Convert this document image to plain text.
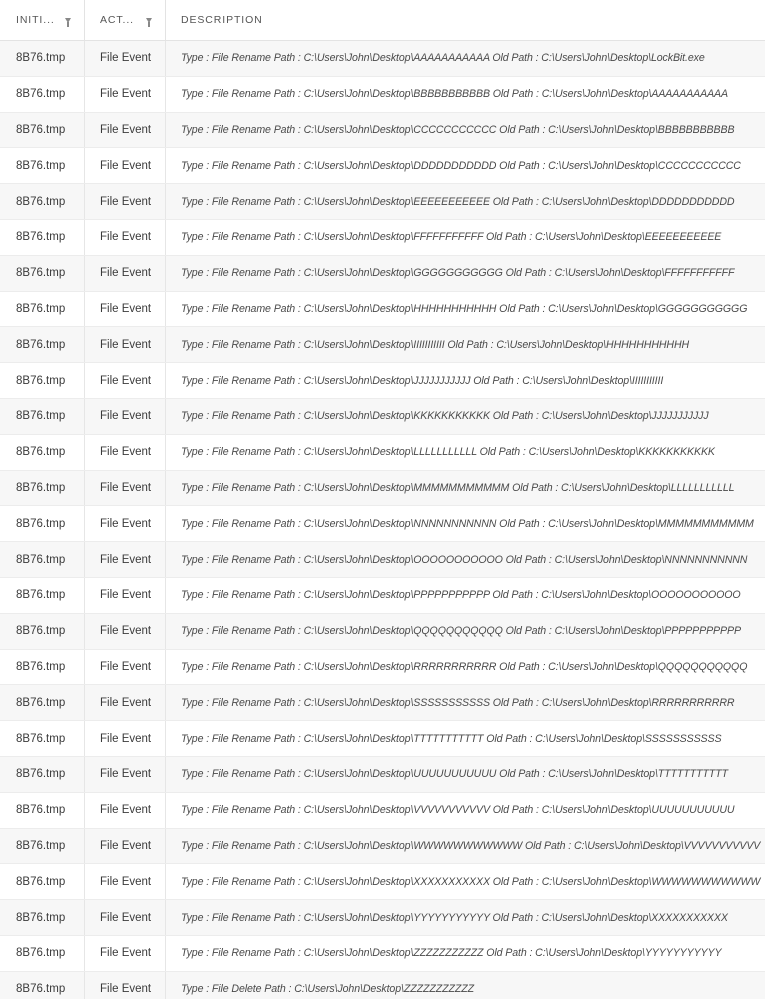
INITI...	ACT...	DESCRIPTION
8B76.tmp	File Event	Type : File Rename Path : C:\Users\John\Desktop\AAAAAAAAAAA Old Path : C:\Users\John\Desktop\LockBit.exe
8B76.tmp	File Event	Type : File Rename Path : C:\Users\John\Desktop\BBBBBBBBBBB Old Path : C:\Users\John\Desktop\AAAAAAAAAAA
8B76.tmp	File Event	Type : File Rename Path : C:\Users\John\Desktop\CCCCCCCCCCC Old Path : C:\Users\John\Desktop\BBBBBBBBBBB
8B76.tmp	File Event	Type : File Rename Path : C:\Users\John\Desktop\DDDDDDDDDDD Old Path : C:\Users\John\Desktop\CCCCCCCCCCC
8B76.tmp	File Event	Type : File Rename Path : C:\Users\John\Desktop\EEEEEEEEEEE Old Path : C:\Users\John\Desktop\DDDDDDDDDDD
8B76.tmp	File Event	Type : File Rename Path : C:\Users\John\Desktop\FFFFFFFFFFF Old Path : C:\Users\John\Desktop\EEEEEEEEEEE
8B76.tmp	File Event	Type : File Rename Path : C:\Users\John\Desktop\GGGGGGGGGGG Old Path : C:\Users\John\Desktop\FFFFFFFFFFF
8B76.tmp	File Event	Type : File Rename Path : C:\Users\John\Desktop\HHHHHHHHHHH Old Path : C:\Users\John\Desktop\GGGGGGGGGGG
8B76.tmp	File Event	Type : File Rename Path : C:\Users\John\Desktop\IIIIIIIIIII Old Path : C:\Users\John\Desktop\HHHHHHHHHHH
8B76.tmp	File Event	Type : File Rename Path : C:\Users\John\Desktop\JJJJJJJJJJJ Old Path : C:\Users\John\Desktop\IIIIIIIIIII
8B76.tmp	File Event	Type : File Rename Path : C:\Users\John\Desktop\KKKKKKKKKKK Old Path : C:\Users\John\Desktop\JJJJJJJJJJJ
8B76.tmp	File Event	Type : File Rename Path : C:\Users\John\Desktop\LLLLLLLLLLL Old Path : C:\Users\John\Desktop\KKKKKKKKKKK
8B76.tmp	File Event	Type : File Rename Path : C:\Users\John\Desktop\MMMMMMMMMMM Old Path : C:\Users\John\Desktop\LLLLLLLLLLL
8B76.tmp	File Event	Type : File Rename Path : C:\Users\John\Desktop\NNNNNNNNNNN Old Path : C:\Users\John\Desktop\MMMMMMMMMMM
8B76.tmp	File Event	Type : File Rename Path : C:\Users\John\Desktop\OOOOOOOOOOO Old Path : C:\Users\John\Desktop\NNNNNNNNNNN
8B76.tmp	File Event	Type : File Rename Path : C:\Users\John\Desktop\PPPPPPPPPPP Old Path : C:\Users\John\Desktop\OOOOOOOOOOO
8B76.tmp	File Event	Type : File Rename Path : C:\Users\John\Desktop\QQQQQQQQQQQ Old Path : C:\Users\John\Desktop\PPPPPPPPPPP
8B76.tmp	File Event	Type : File Rename Path : C:\Users\John\Desktop\RRRRRRRRRRR Old Path : C:\Users\John\Desktop\QQQQQQQQQQQ
8B76.tmp	File Event	Type : File Rename Path : C:\Users\John\Desktop\SSSSSSSSSSS Old Path : C:\Users\John\Desktop\RRRRRRRRRRR
8B76.tmp	File Event	Type : File Rename Path : C:\Users\John\Desktop\TTTTTTTTTTT Old Path : C:\Users\John\Desktop\SSSSSSSSSSS
8B76.tmp	File Event	Type : File Rename Path : C:\Users\John\Desktop\UUUUUUUUUUU Old Path : C:\Users\John\Desktop\TTTTTTTTTTT
8B76.tmp	File Event	Type : File Rename Path : C:\Users\John\Desktop\VVVVVVVVVVV Old Path : C:\Users\John\Desktop\UUUUUUUUUUU
8B76.tmp	File Event	Type : File Rename Path : C:\Users\John\Desktop\WWWWWWWWWWW Old Path : C:\Users\John\Desktop\VVVVVVVVVVV
8B76.tmp	File Event	Type : File Rename Path : C:\Users\John\Desktop\XXXXXXXXXXX Old Path : C:\Users\John\Desktop\WWWWWWWWWWW
8B76.tmp	File Event	Type : File Rename Path : C:\Users\John\Desktop\YYYYYYYYYYY Old Path : C:\Users\John\Desktop\XXXXXXXXXXX
8B76.tmp	File Event	Type : File Rename Path : C:\Users\John\Desktop\ZZZZZZZZZZZ Old Path : C:\Users\John\Desktop\YYYYYYYYYYY
8B76.tmp	File Event	Type : File Delete Path : C:\Users\John\Desktop\ZZZZZZZZZZZ
